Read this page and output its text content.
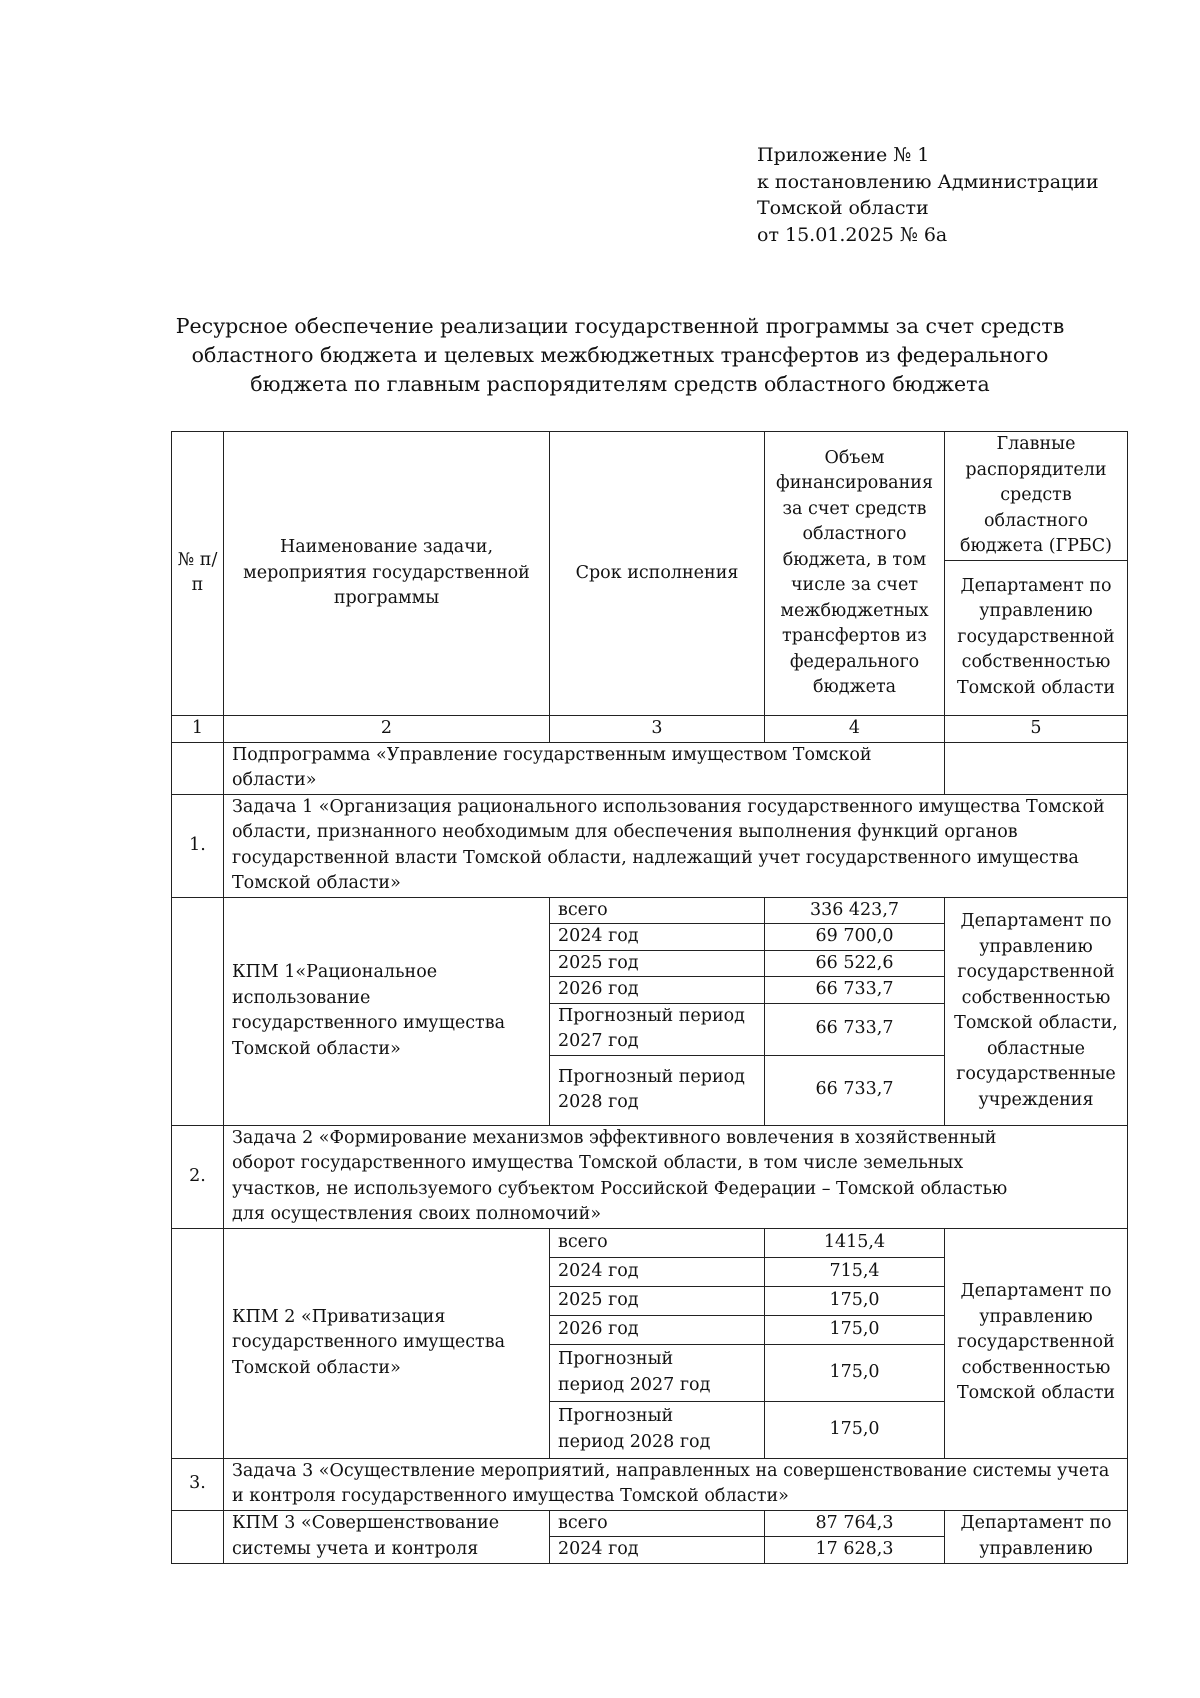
Приложение № 1
к постановлению Администрации
Томской области
от 15.01.2025 № 6а
Ресурсное обеспечение реализации государственной программы за счет средств
областного бюджета и целевых межбюджетных трансфертов из федерального
бюджета по главным распорядителям средств областного бюджета
№ п/п	Наименование задачи, мероприятия государственной программы	Срок исполнения	Объем финансирования за счет средств областного бюджета, в том числе за счет межбюджетных трансфертов из федерального бюджета	Главные распорядители средств областного бюджета (ГРБС)
				Департамент по управлению государственной собственностью Томской области
1	2	3	4	5
	Подпрограмма «Управление государственным имуществом Томской области»			
1.	Задача 1 «Организация рационального использования государственного имущества Томской области, признанного необходимым для обеспечения выполнения функций органов государственной власти Томской области, надлежащий учет государственного имущества Томской области»			
	КПМ 1«Рациональное использование государственного имущества Томской области»	всего	336 423,7	Департамент по управлению государственной собственностью Томской области, областные государственные учреждения
		2024 год	69 700,0	
		2025 год	66 522,6	
		2026 год	66 733,7	
		Прогнозный период 2027 год	66 733,7	
		Прогнозный период 2028 год	66 733,7	
2.	Задача 2 «Формирование механизмов эффективного вовлечения в хозяйственный оборот государственного имущества Томской области, в том числе земельных участков, не используемого субъектом Российской Федерации – Томской областью для осуществления своих полномочий»			
	КПМ 2 «Приватизация государственного имущества Томской области»	всего	1415,4	Департамент по управлению государственной собственностью Томской области
		2024 год	715,4	
		2025 год	175,0	
		2026 год	175,0	
		Прогнозный период 2027 год	175,0	
		Прогнозный период 2028 год	175,0	
3.	Задача 3 «Осуществление мероприятий, направленных на совершенствование системы учета и контроля государственного имущества Томской области»			
	КПМ 3 «Совершенствование системы учета и контроля	всего	87 764,3	Департамент по управлению
		2024 год	17 628,3	
